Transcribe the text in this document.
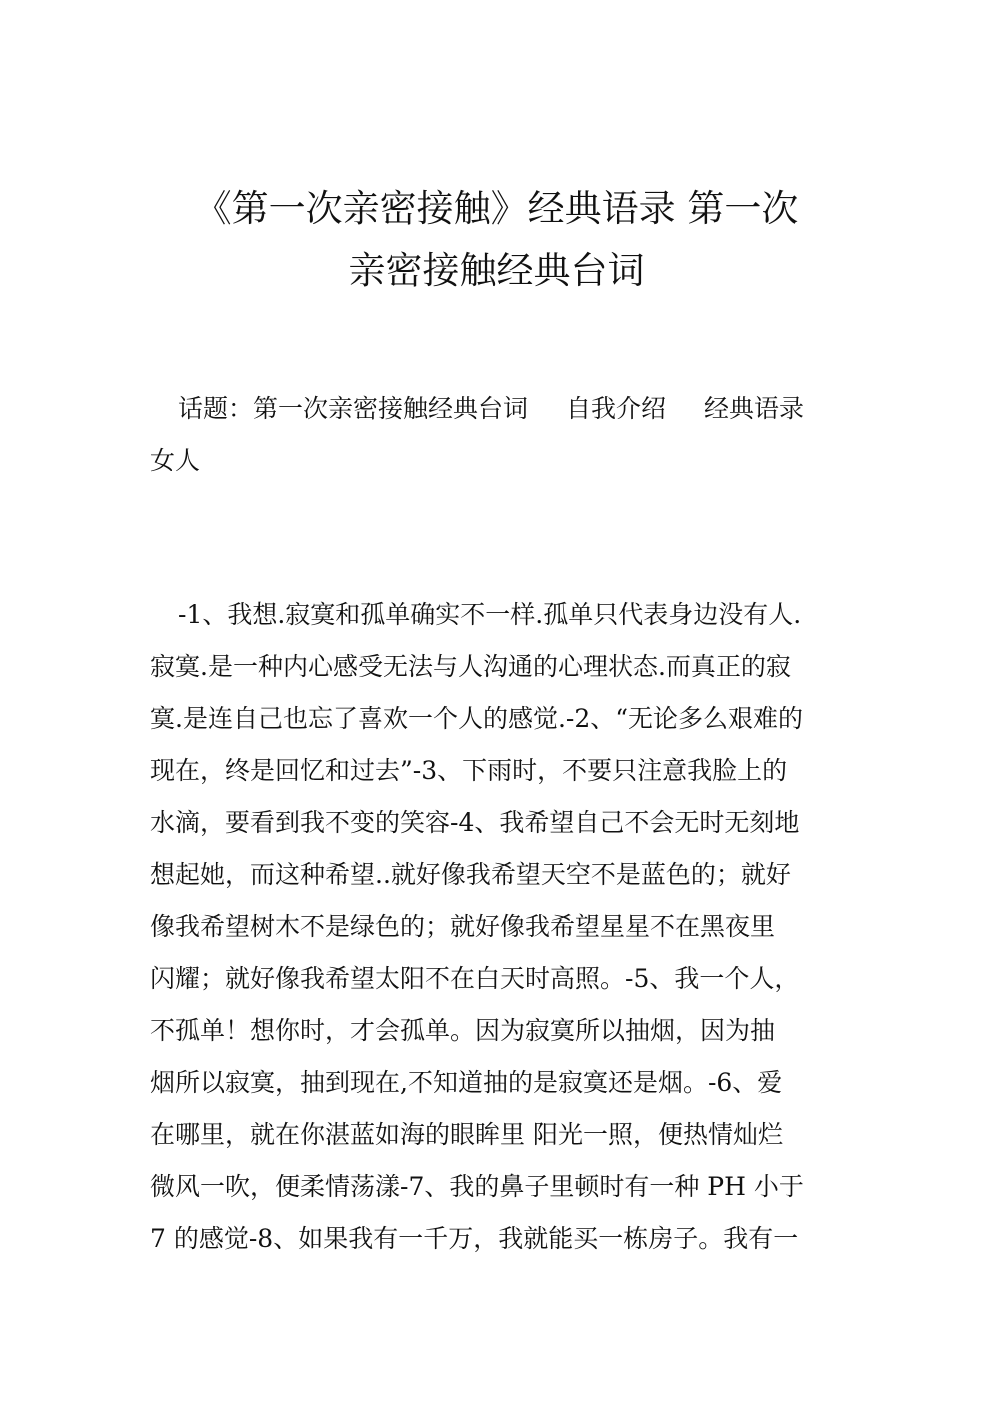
《第一次亲密接触》经典语录 第一次
亲密接触经典台词

话题：第一次亲密接触经典台词 自我介绍 经典语录
女人

-1、我想.寂寞和孤单确实不一样.孤单只代表身边没有人.
寂寞.是一种内心感受无法与人沟通的心理状态.而真正的寂
寞.是连自己也忘了喜欢一个人的感觉.-2、“无论多么艰难的
现在，终是回忆和过去”-3、下雨时，不要只注意我脸上的
水滴，要看到我不变的笑容-4、我希望自己不会无时无刻地
想起她，而这种希望..就好像我希望天空不是蓝色的；就好
像我希望树木不是绿色的；就好像我希望星星不在黑夜里
闪耀；就好像我希望太阳不在白天时高照。-5、我一个人，
不孤单！想你时，才会孤单。因为寂寞所以抽烟，因为抽
烟所以寂寞，抽到现在,不知道抽的是寂寞还是烟。-6、爱
在哪里，就在你湛蓝如海的眼眸里 阳光一照，便热情灿烂
微风一吹，便柔情荡漾-7、我的鼻子里顿时有一种 PH 小于
7 的感觉-8、如果我有一千万，我就能买一栋房子。我有一
